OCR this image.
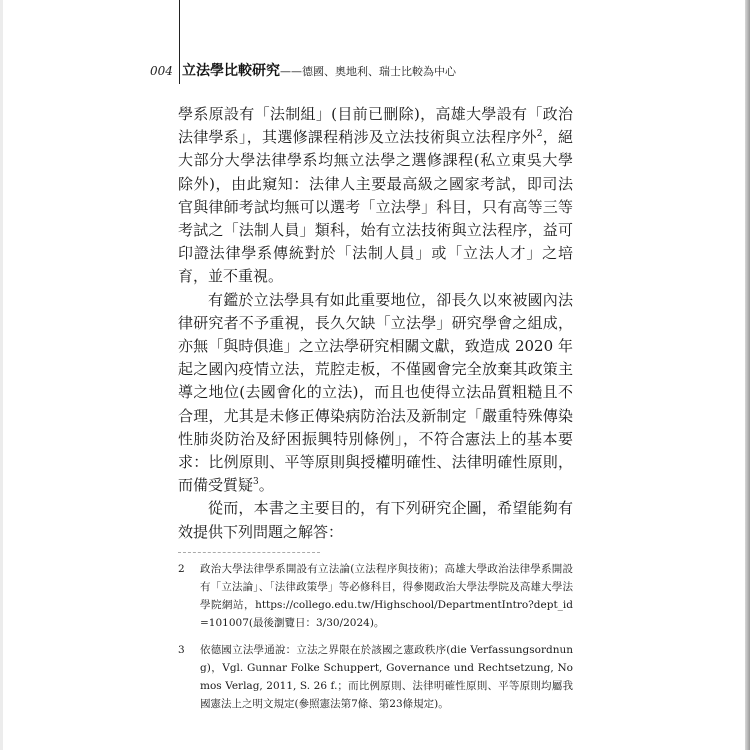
004 立法學比較研究 ——德國、奧地利、瑞士比較為中心

學系原設有「法制組」(目前已刪除)，高雄大學設有「政治法律學系」，其選修課程稍涉及立法技術與立法程序外$^2$，絕大部分大學法律學系均無立法學之選修課程(私立東吳大學除外)，由此窺知：法律人主要最高級之國家考試，即司法官與律師考試均無可以選考「立法學」科目，只有高等三等考試之「法制人員」類科，始有立法技術與立法程序，益可印證法律學系傳統對於「法制人員」或「立法人才」之培育，並不重視。

有鑑於立法學具有如此重要地位，卻長久以來被國內法律研究者不予重視，長久欠缺「立法學」研究學會之組成，亦無「與時俱進」之立法學研究相關文獻，致造成 2020 年起之國內疫情立法，荒腔走板，不僅國會完全放棄其政策主導之地位(去國會化的立法)，而且也使得立法品質粗糙且不合理，尤其是未修正傳染病防治法及新制定「嚴重特殊傳染性肺炎防治及紓困振興特別條例」，不符合憲法上的基本要求：比例原則、平等原則與授權明確性、法律明確性原則，而備受質疑$^3$。

從而，本書之主要目的，有下列研究企圖，希望能夠有效提供下列問題之解答：

2	政治大學法律學系開設有立法論(立法程序與技術)；高雄大學政治法律學系開設有「立法論」、「法律政策學」等必修科目，得參閱政治大學法學院及高雄大學法學院網站，https://collego.edu.tw/Highschool/DepartmentIntro?dept_id=101007(最後瀏覽日：3/30/2024)。
3	依德國立法學通說：立法之界限在於該國之憲政秩序(die Verfassungsordnung)，Vgl. Gunnar Folke Schuppert, Governance und Rechtsetzung, Nomos Verlag, 2011, S. 26 f.；而比例原則、法律明確性原則、平等原則均屬我國憲法上之明文規定(參照憲法第7條、第23條規定)。
